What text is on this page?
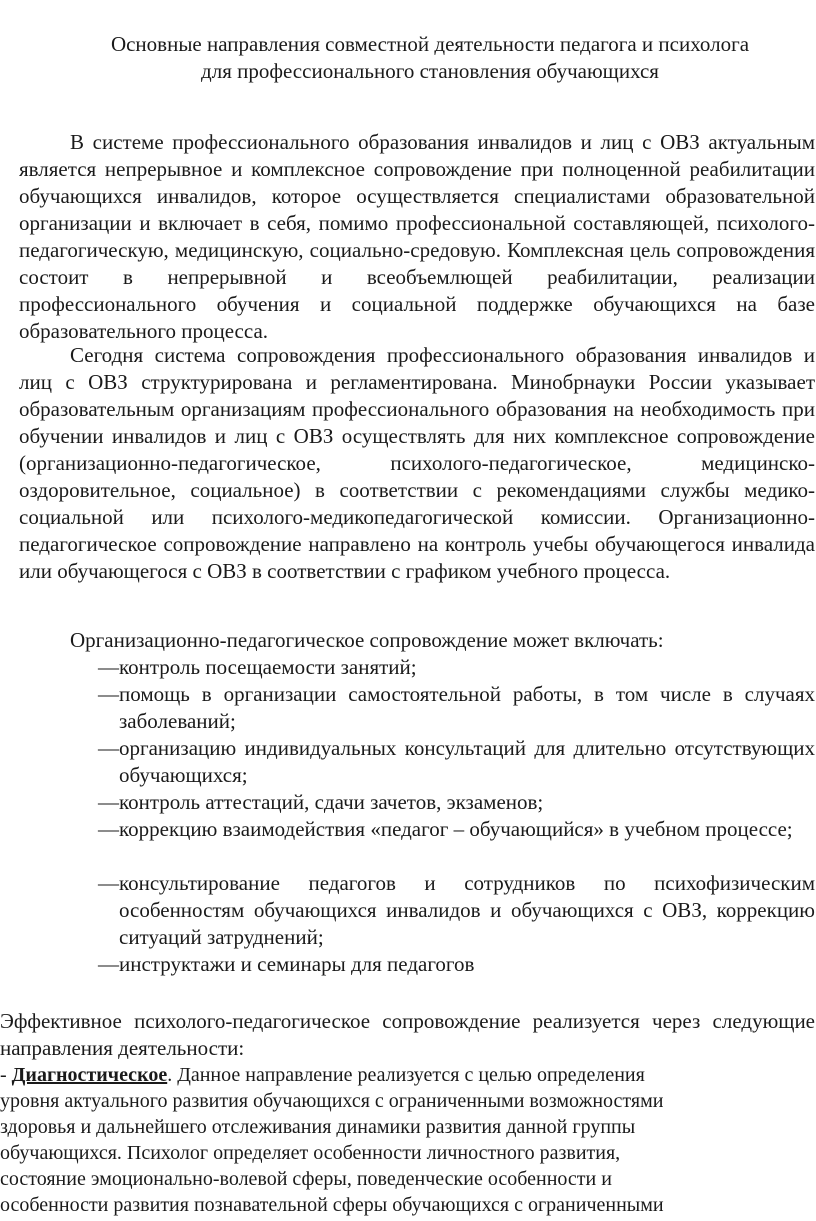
Основные направления совместной деятельности педагога и психолога
для профессионального становления обучающихся

В системе профессионального образования инвалидов и лиц с ОВЗ актуальным является непрерывное и комплексное сопровождение при полноценной реабилитации обучающихся инвалидов, которое осуществляется специалистами образовательной организации и включает в себя, помимо профессиональной составляющей, психолого-педагогическую, медицинскую, социально-средовую. Комплексная цель сопровождения состоит в непрерывной и всеобъемлющей реабилитации, реализации профессионального обучения и социальной поддержке обучающихся на базе образовательного процесса.

Сегодня система сопровождения профессионального образования инвалидов и лиц с ОВЗ структурирована и регламентирована. Минобрнауки России указывает образовательным организациям профессионального образования на необходимость при обучении инвалидов и лиц с ОВЗ осуществлять для них комплексное сопровождение (организационно-педагогическое, психолого-педагогическое, медицинско-оздоровительное, социальное) в соответствии с рекомендациями службы медико-социальной или психолого-медикопедагогической комиссии. Организационно-педагогическое сопровождение направлено на контроль учебы обучающегося инвалида или обучающегося с ОВЗ в соответствии с графиком учебного процесса.

Организационно-педагогическое сопровождение может включать:

— контроль посещаемости занятий;

— помощь в организации самостоятельной работы, в том числе в случаях заболеваний;

— организацию индивидуальных консультаций для длительно отсутствующих обучающихся;

— контроль аттестаций, сдачи зачетов, экзаменов;

— коррекцию взаимодействия «педагог – обучающийся» в учебном процессе;

— консультирование педагогов и сотрудников по психофизическим особенностям обучающихся инвалидов и обучающихся с ОВЗ, коррекцию ситуаций затруднений;

— инструктажи и семинары для педагогов

Эффективное психолого-педагогическое сопровождение реализуется через следующие направления деятельности:

- Диагностическое. Данное направление реализуется с целью определения

уровня актуального развития обучающихся с ограниченными возможностями

здоровья и дальнейшего отслеживания динамики развития данной группы

обучающихся. Психолог определяет особенности личностного развития,

состояние эмоционально-волевой сферы, поведенческие особенности и

особенности развития познавательной сферы обучающихся с ограниченными
